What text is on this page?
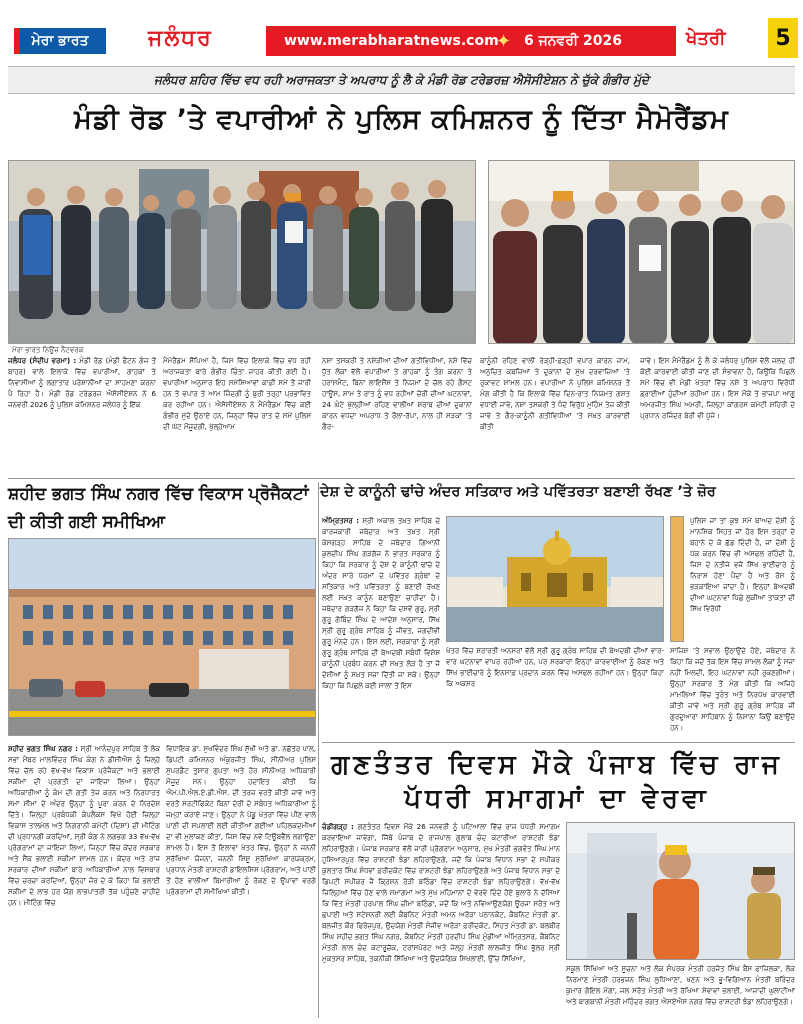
ਮੇਰਾ ਭਾਰਤ	ਜਲੰਧਰ	www.merabharatnews.com
✦ 6 ਜਨਵਰੀ 2026	ਖੇਤਰੀ	5
ਜਲੰਧਰ ਸ਼ਹਿਰ ਵਿੱਚ ਵਧ ਰਹੀ ਅਰਾਜਕਤਾ ਤੇ ਅਪਰਾਧ ਨੂੰ ਲੈ ਕੇ ਮੰਡੀ ਰੋਡ ਟਰੇਡਰਜ਼ ਐਸੋਸੀਏਸ਼ਨ ਨੇ ਚੁੱਕੇ ਗੰਭੀਰ ਮੁੱਦੇ
ਮੰਡੀ ਰੋਡ ’ਤੇ ਵਪਾਰੀਆਂ ਨੇ ਪੁਲਿਸ ਕਮਿਸ਼ਨਰ ਨੂੰ ਦਿੱਤਾ ਮੈਮੋਰੈਂਡਮ
ਮੇਰਾ ਭਾਰਤ ਨਿਊਜ਼ ਨੈਟਵਰਕ
ਜਲੰਧਰ (ਸੰਦੀਪ ਵਰਮਾ) : ਮੰਡੀ ਰੋਡ (ਮੰਡੀ ਫੈਂਟਨ ਗੰਜ ਤੋਂ ਬਾਹਰ) ਵਾਲੇ ਇਲਾਕੇ ਵਿੱਚ ਵਪਾਰੀਆਂ, ਗਾਹਕਾਂ ਤੇ ਨਿਵਾਸੀਆਂ ਨੂੰ ਲਗਾਤਾਰ ਪਰੇਸ਼ਾਨੀਆਂ ਦਾ ਸਾਹਮਣਾ ਕਰਨਾ ਪੈ ਰਿਹਾ ਹੈ। ਮੰਡੀ ਰੋਡ ਟਰੇਡਰਜ਼ ਐਸੋਸੀਏਸ਼ਨ ਨੇ 6 ਜਨਵਰੀ 2026 ਨੂੰ ਪੁਲਿਸ ਕਮਿਸ਼ਨਰ ਜਲੰਧਰ ਨੂੰ ਇੱਕ
ਮੈਮੋਰੈਂਡਮ ਸੌਂਪਿਆ ਹੈ, ਜਿਸ ਵਿੱਚ ਇਲਾਕੇ ਵਿੱਚ ਵਧ ਰਹੀ ਅਰਾਜਕਤਾ ਬਾਰੇ ਗੰਭੀਰ ਚਿੰਤਾ ਜ਼ਾਹਰ ਕੀਤੀ ਗਈ ਹੈ। ਵਪਾਰੀਆਂ ਅਨੁਸਾਰ ਇਹ ਸਮੱਸਿਆਵਾਂ ਕਾਫ਼ੀ ਸਮੇਂ ਤੋਂ ਜਾਰੀ ਹਨ ਤੇ ਵਪਾਰ ਤੇ ਆਮ ਜ਼ਿੰਦਗੀ ਨੂੰ ਬੁਰੀ ਤਰ੍ਹਾਂ ਪ੍ਰਭਾਵਿਤ ਕਰ ਰਹੀਆਂ ਹਨ। ਐਸੋਸੀਏਸ਼ਨ ਨੇ ਮੈਮੋਰੈਂਡਮ ਵਿੱਚ ਕਈ ਗੰਭੀਰ ਮੁੱਦੇ ਉਠਾਏ ਹਨ, ਜਿਨ੍ਹਾਂ ਵਿੱਚ ਰਾਤ ਦੇ ਸਮੇਂ ਪੁਲਿਸ ਦੀ ਘੱਟ ਮੌਜੂਦਗੀ, ਖੁੱਲ੍ਹੇਆਮ
ਨਸ਼ਾ ਤਸਕਰੀ ਤੇ ਨਸ਼ੇੜੀਆਂ ਦੀਆਂ ਗਤੀਵਿਧੀਆਂ, ਨਸ਼ੇ ਵਿੱਚ ਧੁੱਤ ਲੋਕਾਂ ਵੱਲੋਂ ਵਪਾਰੀਆਂ ਤੇ ਗਾਹਕਾਂ ਨੂੰ ਤੰਗ ਕਰਨਾ ਤੇ ਹਰਾਸਮੈਂਟ, ਬਿਨਾਂ ਲਾਇਸੈਂਸ ਤੇ ਨਿਯਮਾਂ ਦੇ ਚੱਲ ਰਹੇ ਗੈਸਟ ਹਾਊਸ, ਸ਼ਾਮ ਤੇ ਰਾਤ ਨੂੰ ਵਧ ਰਹੀਆਂ ਚੋਰੀ ਦੀਆਂ ਘਟਨਾਵਾਂ, 24 ਘੰਟੇ ਖੁੱਲ੍ਹੀਆਂ ਰਹਿਣ ਵਾਲੀਆਂ ਸ਼ਰਾਬ ਦੀਆਂ ਦੁਕਾਨਾਂ ਕਾਰਨ ਵਧਦਾ ਅਪਰਾਧ ਤੇ ਰੌਲਾ-ਰੱਪਾ, ਨਾਲ ਹੀ ਸੜਕਾਂ ’ਤੇ ਗੈਰ-
ਕਾਨੂੰਨੀ ਰਹਿਣ ਵਾਲੀ ਰੇੜ੍ਹੀ-ਫੜ੍ਹੀ ਵਪਾਰ ਕਾਰਨ ਜਾਮ, ਅਨੁਚਿਤ ਕਬਜ਼ਿਆਂ ਤੇ ਦੁਕਾਨਾਂ ਦੇ ਮੁੱਖ ਦਰਵਾਜ਼ਿਆਂ ’ਤੇ ਰੁਕਾਵਟ ਸ਼ਾਮਲ ਹਨ। ਵਪਾਰੀਆਂ ਨੇ ਪੁਲਿਸ ਕਮਿਸ਼ਨਰ ਤੋਂ ਮੰਗ ਕੀਤੀ ਹੈ ਕਿ ਇਲਾਕੇ ਵਿੱਚ ਦਿਨ-ਰਾਤ ਨਿਯਮਤ ਗਸ਼ਤ ਵਧਾਈ ਜਾਵੇ, ਨਸ਼ਾ ਤਸਕਰੀ ਤੇ ਧੰਦੇ ਵਿਰੁੱਧ ਮੁਹਿੰਮ ਤੇਜ਼ ਕੀਤੀ ਜਾਵੇ ਤੇ ਗੈਰ-ਕਾਨੂੰਨੀ ਗਤੀਵਿਧੀਆਂ ’ਤੇ ਸਖ਼ਤ ਕਾਰਵਾਈ ਕੀਤੀ
ਜਾਵੇ। ਇਸ ਮੈਮੋਰੈਂਡਮ ਨੂੰ ਲੈ ਕੇ ਜਲੰਧਰ ਪੁਲਿਸ ਵੱਲੋਂ ਜਲਦ ਹੀ ਕੋਈ ਕਾਰਵਾਈ ਕੀਤੀ ਜਾਣ ਦੀ ਸੰਭਾਵਨਾ ਹੈ, ਕਿਉਂਕਿ ਪਿਛਲੇ ਸਮੇਂ ਵਿੱਚ ਵੀ ਮੰਡੀ ਖੇਤਰਾਂ ਵਿੱਚ ਨਸ਼ੇ ਤੇ ਅਪਰਾਧ ਵਿਰੋਧੀ ਡ੍ਰਾਈਆਂ ਹੁੰਦੀਆਂ ਰਹੀਆਂ ਹਨ। ਇਸ ਮੌਕੇ ਤੇ ਭਾਜਪਾ ਆਗੂ ਅਮਰਜੀਤ ਸਿੰਘ ਅਮਰੀ, ਜ਼ਿਲ੍ਹਾ ਕਾਂਗਰਸ ਕਮੇਟੀ ਸ਼ਹਿਰੀ ਦੇ ਪ੍ਰਧਾਨ ਰਜਿੰਦਰ ਬੇਰੀ ਵੀ ਪੁੱਜੇ।
ਸ਼ਹੀਦ ਭਗਤ ਸਿੰਘ ਨਗਰ ਵਿੱਚ ਵਿਕਾਸ ਪ੍ਰੋਜੈਕਟਾਂ ਦੀ ਕੀਤੀ ਗਈ ਸਮੀਖਿਆ
ਸ਼ਹੀਦ ਭਗਤ ਸਿੰਘ ਨਗਰ : ਸ੍ਰੀ ਆਨੰਦਪੁਰ ਸਾਹਿਬ ਤੋਂ ਲੋਕ ਸਭਾ ਮੈਂਬਰ ਮਾਲਵਿੰਦਰ ਸਿੰਘ ਕੰਗ ਨੇ ਡੀਸੀਐਸ ਨੂੰ ਜ਼ਿਲ੍ਹੇ ਵਿੱਚ ਚੱਲ ਰਹੇ ਵੱਖ-ਵੱਖ ਵਿਕਾਸ ਪ੍ਰੋਜੈਕਟਾਂ ਅਤੇ ਭਲਾਈ ਸਕੀਮਾਂ ਦੀ ਪ੍ਰਗਤੀ ਦਾ ਜਾਇਜ਼ਾ ਲਿਆ। ਉਨ੍ਹਾਂ ਅਧਿਕਾਰੀਆਂ ਨੂੰ ਕੰਮ ਦੀ ਗਤੀ ਤੇਜ਼ ਕਰਨ ਅਤੇ ਨਿਰਧਾਰਤ ਸਮਾਂ ਸੀਮਾ ਦੇ ਅੰਦਰ ਉਨ੍ਹਾਂ ਨੂੰ ਪੂਰਾ ਕਰਨ ਦੇ ਨਿਰਦੇਸ਼ ਦਿੱਤੇ। ਜ਼ਿਲ੍ਹਾ ਪ੍ਰਬੰਧਕੀ ਕੰਪਲੈਕਸ ਵਿਖੇ ਹੋਈ ਜ਼ਿਲ੍ਹਾ ਵਿਕਾਸ ਤਾਲਮੇਲ ਅਤੇ ਨਿਗਰਾਨੀ ਕਮੇਟੀ (ਦਿਸ਼ਾ) ਦੀ ਮੀਟਿੰਗ ਦੀ ਪ੍ਰਧਾਨਗੀ ਕਰਦਿਆਂ, ਸ੍ਰੀ ਕੰਗ ਨੇ ਲਗਭਗ 33 ਵੱਖ-ਵੱਖ ਪ੍ਰੋਗਰਾਮਾਂ ਦਾ ਜਾਇਜ਼ਾ ਲਿਆ, ਜਿਨ੍ਹਾਂ ਵਿੱਚ ਕੇਂਦਰ ਸਰਕਾਰ ਅਤੇ ਸੈਂਕ ਭਲਾਈ ਸਕੀਮਾਂ ਸ਼ਾਮਲ ਹਨ। ਕੇਂਦਰ ਅਤੇ ਰਾਜ ਸਰਕਾਰ ਦੀਆਂ ਸਕੀਮਾਂ ਬਾਰੇ ਅਧਿਕਾਰੀਆਂ ਨਾਲ ਵਿਸਥਾਰ ਵਿੱਚ ਚਰਚਾ ਕਰਦਿਆਂ, ਉਨ੍ਹਾਂ ਜ਼ੋਰ ਦੇ ਕੇ ਕਿਹਾ ਕਿ ਭਲਾਈ ਸਕੀਮਾਂ ਦੇ ਲਾਭ ਹਰ ਯੋਗ ਲਾਭਪਾਤਰੀ ਤੱਕ ਪਹੁੰਚਣੇ ਚਾਹੀਦੇ ਹਨ। ਮੀਟਿੰਗ ਵਿੱਚ
ਵਿਧਾਇਕ ਡਾ. ਸੁਖਵਿੰਦਰ ਸਿੰਘ ਸੁੱਖੀ ਅਤੇ ਡਾ. ਨਛੱਤਰ ਪਾਲ, ਡਿਪਟੀ ਕਮਿਸ਼ਨਰ ਅੰਕੁਰਜੀਤ ਸਿੰਘ, ਸੀਨੀਅਰ ਪੁਲਿਸ ਸੁਪਰਡੈਂਟ ਤੁਸ਼ਾਰ ਗੁਪਤਾ ਅਤੇ ਹੋਰ ਸੀਨੀਅਰ ਅਧਿਕਾਰੀ ਮੌਜੂਦ ਸਨ। ਉਨ੍ਹਾਂ ਹਦਾਇਤ ਕੀਤੀ ਕਿ ਐਮ.ਪੀ.ਐਲ.ਏ.ਡੀ.ਐਸ. ਦੀ ਤਰਜ਼ ਵਰਤੋਂ ਕੀਤੀ ਜਾਵੇ ਅਤੇ ਵਰਤੋਂ ਸਰਟੀਫਿਕੇਟ ਬਿਨਾਂ ਦੇਰੀ ਦੇ ਸਬੰਧਤ ਅਧਿਕਾਰੀਆਂ ਨੂੰ ਜਮ੍ਹਾਂ ਕਰਾਏ ਜਾਣ। ਉਨ੍ਹਾਂ ਨੇ ਪੇਂਡੂ ਖੇਤਰਾਂ ਵਿੱਚ ਪੀਣ ਵਾਲੇ ਪਾਣੀ ਦੀ ਸਪਲਾਈ ਲਈ ਕੀਤੀਆਂ ਗਈਆਂ ਪਹਿਲਕਦਮੀਆਂ ਦਾ ਵੀ ਮੁਲਾਂਕਣ ਕੀਤਾ, ਜਿਸ ਵਿੱਚ ਨਵੇਂ ਟਿਊਬਵੈੱਲ ਲਗਾਉਣਾ ਸ਼ਾਮਲ ਹੈ। ਇਸ ਤੋਂ ਇਲਾਵਾ ਖੇਤਰ ਵਿੱਚ, ਉਨ੍ਹਾਂ ਨੇ ਜਨਨੀ ਸੁਰੱਖਿਆ ਯੋਜਨਾ, ਜਨਨੀ ਸ਼ਿਸ਼ੂ ਸੁਰੱਖਿਆ ਕਾਰਯਕ੍ਰਮ, ਪ੍ਰਧਾਨ ਮੰਤਰੀ ਰਾਸ਼ਟਰੀ ਡਾਇਲਸਿਸ ਪ੍ਰੋਗਰਾਮ, ਅਤੇ ਪਾਣੀ ਤੋਂ ਹੋਣ ਵਾਲੀਆਂ ਬਿਮਾਰੀਆਂ ਨੂੰ ਰੋਕਣ ਦੇ ਉਪਾਵਾਂ ਵਰਗੇ ਪ੍ਰੋਗਰਾਮਾਂ ਦੀ ਸਮੀਖਿਆ ਕੀਤੀ।
ਦੇਸ਼ ਦੇ ਕਾਨੂੰਨੀ ਢਾਂਚੇ ਅੰਦਰ ਸਤਿਕਾਰ ਅਤੇ ਪਵਿੱਤਰਤਾ ਬਣਾਈ ਰੱਖਣ ’ਤੇ ਜ਼ੋਰ
ਅੰਮ੍ਰਿਤਸਰ : ਸ੍ਰੀ ਅਕਾਲ ਤਖ਼ਤ ਸਾਹਿਬ ਦੇ ਕਾਰਜਕਾਰੀ ਜਥੇਦਾਰ ਅਤੇ ਤਖ਼ਤ ਸ੍ਰੀ ਕੇਸਗੜ੍ਹ ਸਾਹਿਬ ਦੇ ਜਥੇਦਾਰ ਗਿਆਨੀ ਕੁਲਦੀਪ ਸਿੰਘ ਗੜਗੱਜ ਨੇ ਭਾਰਤ ਸਰਕਾਰ ਨੂੰ ਕਿਹਾ ਕਿ ਸਰਕਾਰ ਨੂੰ ਦੇਸ਼ ਦੇ ਕਾਨੂੰਨੀ ਢਾਂਚੇ ਦੇ ਅੰਦਰ ਸਾਰੇ ਧਰਮਾਂ ਦੇ ਪਵਿੱਤਰ ਗ੍ਰੰਥਾਂ ਦੇ ਸਤਿਕਾਰ ਅਤੇ ਪਵਿੱਤਰਤਾ ਨੂੰ ਬਣਾਈ ਰੱਖਣ ਲਈ ਸਖ਼ਤ ਕਾਨੂੰਨ ਬਣਾਉਣਾ ਚਾਹੀਦਾ ਹੈ। ਜਥੇਦਾਰ ਗੜਗੱਜ ਨੇ ਕਿਹਾ ਕਿ ਦਸਵੇਂ ਗੁਰੂ, ਸ੍ਰੀ ਗੁਰੂ ਗੋਬਿੰਦ ਸਿੰਘ ਦੇ ਆਦੇਸ਼ ਅਨੁਸਾਰ, ਸਿੱਖ ਸ੍ਰੀ ਗੁਰੂ ਗ੍ਰੰਥ ਸਾਹਿਬ ਨੂੰ ਜੀਵਤ, ਜਗਦੀਵੀ ਗੁਰੂ ਮੰਨਦੇ ਹਨ। ਇਸ ਲਈ, ਸਰਕਾਰਾਂ ਨੂੰ ਸ੍ਰੀ ਗੁਰੂ ਗ੍ਰੰਥ ਸਾਹਿਬ ਦੀ ਬੇਅਦਬੀ ਸਬੰਧੀ ਵਿਸ਼ੇਸ਼ ਕਾਨੂੰਨੀ ਪ੍ਰਬੰਧ ਕਰਨ ਦੀ ਸਖ਼ਤ ਲੋੜ ਹੈ ਤਾਂ ਜੋ ਦੋਸ਼ੀਆਂ ਨੂੰ ਸਖ਼ਤ ਸਜ਼ਾ ਦਿੱਤੀ ਜਾ ਸਕੇ। ਉਨ੍ਹਾਂ ਕਿਹਾ ਕਿ ਪਿਛਲੇ ਕਈ ਸਾਲਾਂ ਤੋਂ ਇਸ
ਖੇਤਰ ਵਿੱਚ ਸ਼ਰਾਰਤੀ ਅਨਸਰਾਂ ਵੱਲੋਂ ਸ੍ਰੀ ਗੁਰੂ ਗ੍ਰੰਥ ਸਾਹਿਬ ਦੀ ਬੇਅਦਬੀ ਦੀਆਂ ਵਾਰ-ਵਾਰ ਘਟਨਾਵਾਂ ਵਾਪਰ ਰਹੀਆਂ ਹਨ, ਪਰ ਸਰਕਾਰਾਂ ਇਨ੍ਹਾਂ ਕਾਰਵਾਈਆਂ ਨੂੰ ਰੋਕਣ ਅਤੇ ਸਿੱਖ ਭਾਈਚਾਰੇ ਨੂੰ ਇਨਸਾਫ਼ ਪ੍ਰਦਾਨ ਕਰਨ ਵਿੱਚ ਅਸਫਲ ਰਹੀਆਂ ਹਨ। ਉਨ੍ਹਾਂ ਕਿਹਾ ਕਿ ਅਕਸਰ
ਪੁਲਿਸ ਜਾਂ ਤਾਂ ਕੁਝ ਸਮੇਂ ਬਾਅਦ ਦੋਸ਼ੀ ਨੂੰ ਮਾਨਸਿਕ ਸਿਹਤ ਜਾਂ ਹੋਰ ਇਸ ਤਰ੍ਹਾਂ ਦੇ ਬਹਾਨੇ ਦੇ ਕੇ ਛੱਡ ਦਿੰਦੀ ਹੈ, ਜਾਂ ਦੋਸ਼ੀ ਨੂੰ ਪੱਕ ਕਰਨ ਵਿੱਚ ਵੀ ਅਸਫਲ ਰਹਿੰਦੀ ਹੈ, ਜਿਸ ਦੇ ਨਤੀਜੇ ਵਜੋਂ ਸਿੱਖ ਭਾਈਚਾਰੇ ਨੂੰ ਨਿਰਾਸ਼ ਹੋਣਾ ਪੈਂਦਾ ਹੈ ਅਤੇ ਰੋਸ ਨੂੰ ਭੜਕਾਇਆ ਜਾਂਦਾ ਹੈ। ਇਨ੍ਹਾਂ ਬੇਅਦਬੀ ਦੀਆਂ ਘਟਨਾਵਾਂ ਪਿੱਛੇ ਲੁਕੀਆਂ ਤਾਕਤਾਂ ਦੀ ਸਿੱਖ ਵਿਰੋਧੀ
ਸਾਜ਼ਿਸ਼ ’ਤੇ ਸਵਾਲ ਉਠਾਉਂਦੇ ਹੋਏ, ਜਥੇਦਾਰ ਨੇ ਕਿਹਾ ਕਿ ਜਦੋਂ ਤੱਕ ਇਸ ਵਿੱਚ ਸ਼ਾਮਲ ਲੋਕਾਂ ਨੂੰ ਸਜ਼ਾ ਨਹੀਂ ਮਿਲਦੀ, ਇਹ ਘਟਨਾਵਾਂ ਨਹੀਂ ਰੁਕਣਗੀਆਂ। ਉਨ੍ਹਾਂ ਸਰਕਾਰ ਤੋਂ ਮੰਗ ਕੀਤੀ ਕਿ ਅਜਿਹੇ ਮਾਮਲਿਆਂ ਵਿੱਚ ਤੁਰੰਤ ਅਤੇ ਨਿਰਪੱਖ ਕਾਰਵਾਈ ਕੀਤੀ ਜਾਵੇ ਅਤੇ ਸ੍ਰੀ ਗੁਰੂ ਗ੍ਰੰਥ ਸਾਹਿਬ ਜੀ ਗੁਰਦੁਆਰਾ ਸਾਹਿਬਾਨ ਨੂੰ ਨਿਸ਼ਾਨਾ ਕਿਉਂ ਬਣਾਉਂਦੇ ਹਨ।
ਗਣਤੰਤਰ ਦਿਵਸ ਮੌਕੇ ਪੰਜਾਬ ਵਿੱਚ ਰਾਜ ਪੱਧਰੀ ਸਮਾਗਮਾਂ ਦਾ ਵੇਰਵਾ
ਚੰਡੀਗੜ੍ਹ : ਗਣਤੰਤਰ ਦਿਵਸ ਮੌਕੇ 26 ਜਨਵਰੀ ਨੂੰ ਪਟਿਆਲਾ ਵਿੱਚ ਰਾਜ ਪੱਧਰੀ ਸਮਾਗਮ ਕਰਵਾਇਆ ਜਾਵੇਗਾ, ਜਿੱਥੇ ਪੰਜਾਬ ਦੇ ਰਾਜਪਾਲ ਗੁਲਾਬ ਚੰਦ ਕਟਾਰੀਆ ਰਾਸ਼ਟਰੀ ਝੰਡਾ ਲਹਿਰਾਉਣਗੇ। ਪੰਜਾਬ ਸਰਕਾਰ ਵੱਲੋਂ ਜਾਰੀ ਪ੍ਰੋਗਰਾਮ ਅਨੁਸਾਰ, ਮੁੱਖ ਮੰਤਰੀ ਭਗਵੰਤ ਸਿੰਘ ਮਾਨ ਹੁਸ਼ਿਆਰਪੁਰ ਵਿੱਚ ਰਾਸ਼ਟਰੀ ਝੰਡਾ ਲਹਿਰਾਉਣਗੇ, ਜਦੋਂ ਕਿ ਪੰਜਾਬ ਵਿਧਾਨ ਸਭਾ ਦੇ ਸਪੀਕਰ ਕੁਲਤਾਰ ਸਿੰਘ ਸੰਧਵਾਂ ਫ਼ਰੀਦਕੋਟ ਵਿੱਚ ਰਾਸ਼ਟਰੀ ਝੰਡਾ ਲਹਿਰਾਉਣਗੇ ਅਤੇ ਪੰਜਾਬ ਵਿਧਾਨ ਸਭਾ ਦੇ ਡਿਪਟੀ ਸਪੀਕਰ ਜੈ ਕ੍ਰਿਸ਼ਨ ਰੋੜੀ ਬਠਿੰਡਾ ਵਿੱਚ ਰਾਸ਼ਟਰੀ ਝੰਡਾ ਲਹਿਰਾਉਣਗੇ। ਵੱਖ-ਵੱਖ ਜ਼ਿਲ੍ਹਿਆਂ ਵਿੱਚ ਹੋਣ ਵਾਲੇ ਸਮਾਗਮਾਂ ਅਤੇ ਮੁੱਖ ਮਹਿਮਾਨਾਂ ਦੇ ਵੇਰਵੇ ਦਿੰਦੇ ਹੋਏ ਬੁਲਾਰੇ ਨੇ ਦੱਸਿਆ ਕਿ ਵਿੱਤ ਮੰਤਰੀ ਹਰਪਾਲ ਸਿੰਘ ਚੀਮਾ ਬਠਿੰਡਾ, ਜਦੋਂ ਕਿ ਅਤੇ ਨਵਿਆਉਣਯੋਗ ਊਰਜਾ ਸਰੋਤ ਅਤੇ ਛਪਾਈ ਅਤੇ ਸਟੇਸ਼ਨਰੀ ਲਈ ਕੈਬਨਿਟ ਮੰਤਰੀ ਅਮਨ ਅਰੋੜਾ ਪਠਾਨਕੋਟ, ਕੈਬਨਿਟ ਮੰਤਰੀ ਡਾ. ਬਲਜੀਤ ਕੌਰ ਫਿਰੋਜ਼ਪੁਰ, ਉਦਯੋਗ ਮੰਤਰੀ ਸੰਜੀਵ ਅਰੋੜਾ ਫ਼ਰੀਦਕੋਟ, ਸਿਹਤ ਮੰਤਰੀ ਡਾ. ਬਲਬੀਰ ਸਿੰਘ ਸ਼ਹੀਦ ਭਗਤ ਸਿੰਘ ਨਗਰ, ਕੈਬਨਿਟ ਮੰਤਰੀ ਹਰਦੀਪ ਸਿੰਘ ਮੁੰਡੀਆਂ ਅੰਮ੍ਰਿਤਸਰ, ਕੈਬਨਿਟ ਮੰਤਰੀ ਲਾਲ ਚੰਦ ਕਟਾਰੂਚੱਕ, ਟਰਾਂਸਪੋਰਟ ਅਤੇ ਜੇਲ੍ਹ ਮੰਤਰੀ ਲਾਲਜੀਤ ਸਿੰਘ ਭੁੱਲਰ ਸ੍ਰੀ ਮੁਕਤਸਰ ਸਾਹਿਬ, ਤਕਨੀਕੀ ਸਿੱਖਿਆ ਅਤੇ ਉਦਯੋਗਿਕ ਸਿਖਲਾਈ, ਉੱਚ ਸਿੱਖਿਆ,
ਸਕੂਲ ਸਿੱਖਿਆ ਅਤੇ ਸੂਚਨਾ ਅਤੇ ਲੋਕ ਸੰਪਰਕ ਮੰਤਰੀ ਹਰਜੋਤ ਸਿੰਘ ਬੈਂਸ ਫਾਜ਼ਿਲਕਾ, ਲੋਕ ਨਿਰਮਾਣ ਮੰਤਰੀ ਹਰਭਜਨ ਸਿੰਘ ਲੁਧਿਆਣਾ, ਖਣਨ ਅਤੇ ਭੂ-ਵਿਗਿਆਨ ਮੰਤਰੀ ਬਰਿੰਦਰ ਕੁਮਾਰ ਗੋਇਲ ਮੋਗਾ, ਜਲ ਸਰੋਤ ਮੰਤਰੀ ਅਤੇ ਰੱਖਿਆ ਸੇਵਾਵਾਂ ਭਲਾਈ, ਆਜ਼ਾਦੀ ਘੁਲਾਟੀਆਂ ਅਤੇ ਬਾਗਬਾਨੀ ਮੰਤਰੀ ਮਹਿੰਦਰ ਭਗਤ ਐਸਏਐਸ ਨਗਰ ਵਿੱਚ ਰਾਸ਼ਟਰੀ ਝੰਡਾ ਲਹਿਰਾਉਣਗੇ।
